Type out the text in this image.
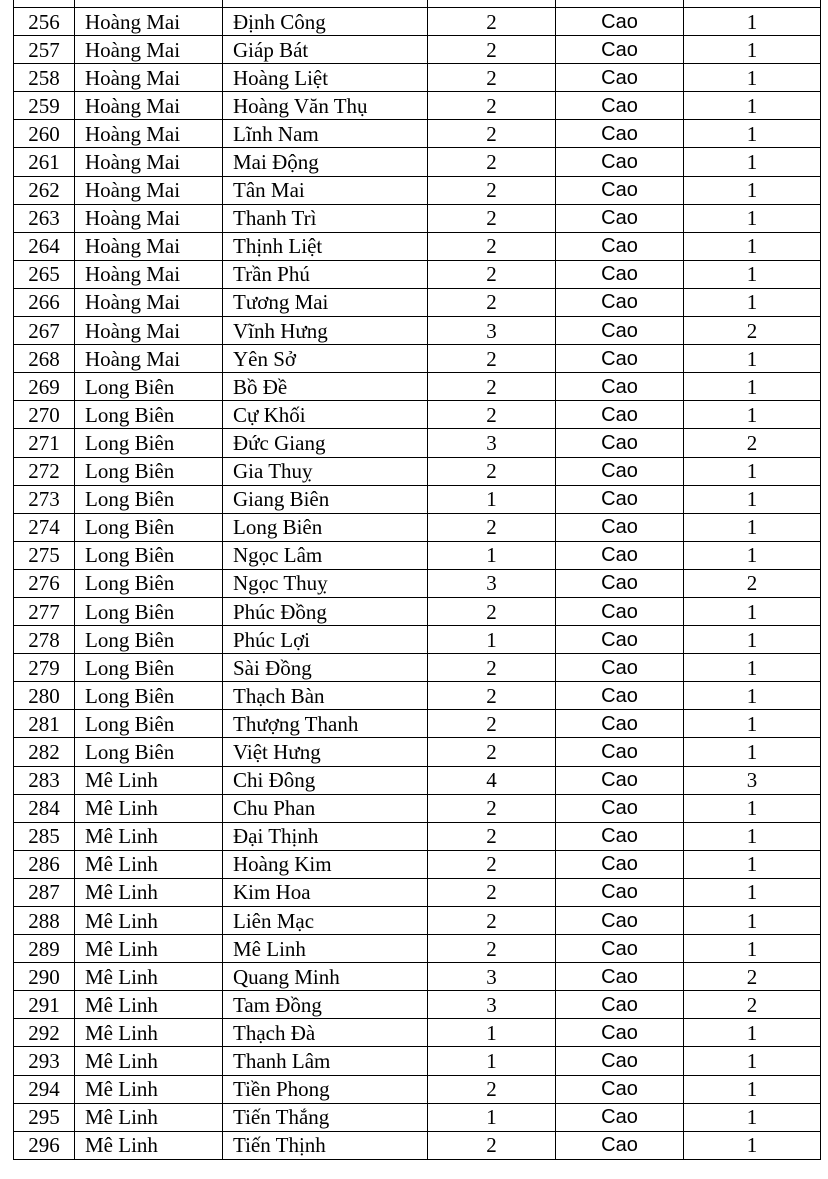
256	Hoàng Mai	Định Công	2	Cao	1
257	Hoàng Mai	Giáp Bát	2	Cao	1
258	Hoàng Mai	Hoàng Liệt	2	Cao	1
259	Hoàng Mai	Hoàng Văn Thụ	2	Cao	1
260	Hoàng Mai	Lĩnh Nam	2	Cao	1
261	Hoàng Mai	Mai Động	2	Cao	1
262	Hoàng Mai	Tân Mai	2	Cao	1
263	Hoàng Mai	Thanh Trì	2	Cao	1
264	Hoàng Mai	Thịnh Liệt	2	Cao	1
265	Hoàng Mai	Trần Phú	2	Cao	1
266	Hoàng Mai	Tương Mai	2	Cao	1
267	Hoàng Mai	Vĩnh Hưng	3	Cao	2
268	Hoàng Mai	Yên Sở	2	Cao	1
269	Long Biên	Bồ Đề	2	Cao	1
270	Long Biên	Cự Khối	2	Cao	1
271	Long Biên	Đức Giang	3	Cao	2
272	Long Biên	Gia Thuỵ	2	Cao	1
273	Long Biên	Giang Biên	1	Cao	1
274	Long Biên	Long Biên	2	Cao	1
275	Long Biên	Ngọc Lâm	1	Cao	1
276	Long Biên	Ngọc Thuỵ	3	Cao	2
277	Long Biên	Phúc Đồng	2	Cao	1
278	Long Biên	Phúc Lợi	1	Cao	1
279	Long Biên	Sài Đồng	2	Cao	1
280	Long Biên	Thạch Bàn	2	Cao	1
281	Long Biên	Thượng Thanh	2	Cao	1
282	Long Biên	Việt Hưng	2	Cao	1
283	Mê Linh	Chi Đông	4	Cao	3
284	Mê Linh	Chu Phan	2	Cao	1
285	Mê Linh	Đại Thịnh	2	Cao	1
286	Mê Linh	Hoàng Kim	2	Cao	1
287	Mê Linh	Kim Hoa	2	Cao	1
288	Mê Linh	Liên Mạc	2	Cao	1
289	Mê Linh	Mê Linh	2	Cao	1
290	Mê Linh	Quang Minh	3	Cao	2
291	Mê Linh	Tam Đồng	3	Cao	2
292	Mê Linh	Thạch Đà	1	Cao	1
293	Mê Linh	Thanh Lâm	1	Cao	1
294	Mê Linh	Tiền Phong	2	Cao	1
295	Mê Linh	Tiến Thắng	1	Cao	1
296	Mê Linh	Tiến Thịnh	2	Cao	1
